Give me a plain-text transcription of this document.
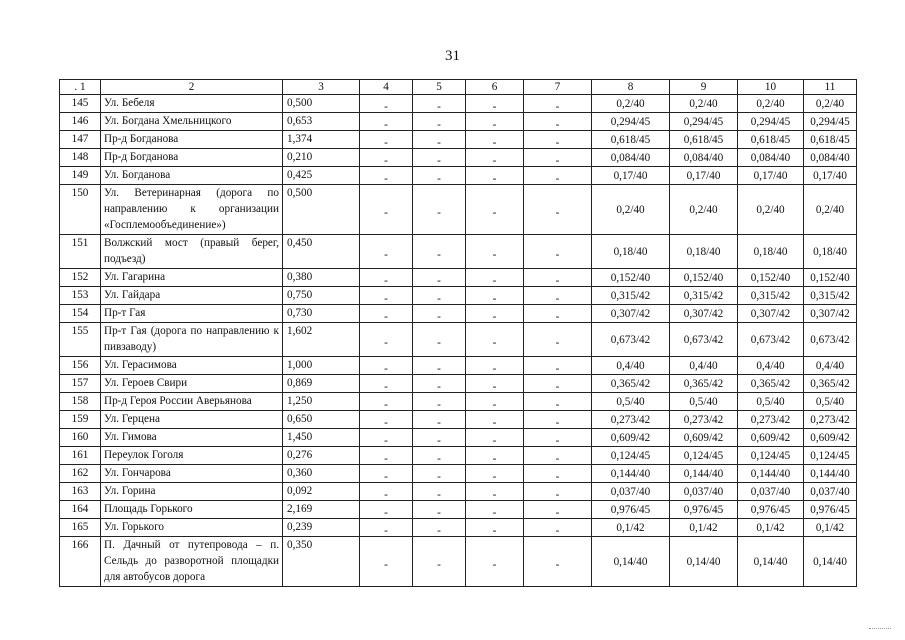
31
. 1	2	3	4	5	6	7	8	9	10	11
145	Ул. Бебеля	0,500	-	-	-	-	0,2/40	0,2/40	0,2/40	0,2/40
146	Ул. Богдана Хмельницкого	0,653	-	-	-	-	0,294/45	0,294/45	0,294/45	0,294/45
147	Пр-д Богданова	1,374	-	-	-	-	0,618/45	0,618/45	0,618/45	0,618/45
148	Пр-д Богданова	0,210	-	-	-	-	0,084/40	0,084/40	0,084/40	0,084/40
149	Ул. Богданова	0,425	-	-	-	-	0,17/40	0,17/40	0,17/40	0,17/40
150	Ул. Ветеринарная (дорога по направлению к организации «Госплемообъединение»)	0,500	-	-	-	-	0,2/40	0,2/40	0,2/40	0,2/40
151	Волжский мост (правый берег, подъезд)	0,450	-	-	-	-	0,18/40	0,18/40	0,18/40	0,18/40
152	Ул. Гагарина	0,380	-	-	-	-	0,152/40	0,152/40	0,152/40	0,152/40
153	Ул. Гайдара	0,750	-	-	-	-	0,315/42	0,315/42	0,315/42	0,315/42
154	Пр-т Гая	0,730	-	-	-	-	0,307/42	0,307/42	0,307/42	0,307/42
155	Пр-т Гая (дорога по направлению к пивзаводу)	1,602	-	-	-	-	0,673/42	0,673/42	0,673/42	0,673/42
156	Ул. Герасимова	1,000	-	-	-	-	0,4/40	0,4/40	0,4/40	0,4/40
157	Ул. Героев Свири	0,869	-	-	-	-	0,365/42	0,365/42	0,365/42	0,365/42
158	Пр-д Героя России Аверьянова	1,250	-	-	-	-	0,5/40	0,5/40	0,5/40	0,5/40
159	Ул. Герцена	0,650	-	-	-	-	0,273/42	0,273/42	0,273/42	0,273/42
160	Ул. Гимова	1,450	-	-	-	-	0,609/42	0,609/42	0,609/42	0,609/42
161	Переулок Гоголя	0,276	-	-	-	-	0,124/45	0,124/45	0,124/45	0,124/45
162	Ул. Гончарова	0,360	-	-	-	-	0,144/40	0,144/40	0,144/40	0,144/40
163	Ул. Горина	0,092	-	-	-	-	0,037/40	0,037/40	0,037/40	0,037/40
164	Площадь Горького	2,169	-	-	-	-	0,976/45	0,976/45	0,976/45	0,976/45
165	Ул. Горького	0,239	-	-	-	-	0,1/42	0,1/42	0,1/42	0,1/42
166	П. Дачный от путепровода – п. Сельдь до разворотной площадки для автобусов дорога	0,350	-	-	-	-	0,14/40	0,14/40	0,14/40	0,14/40
